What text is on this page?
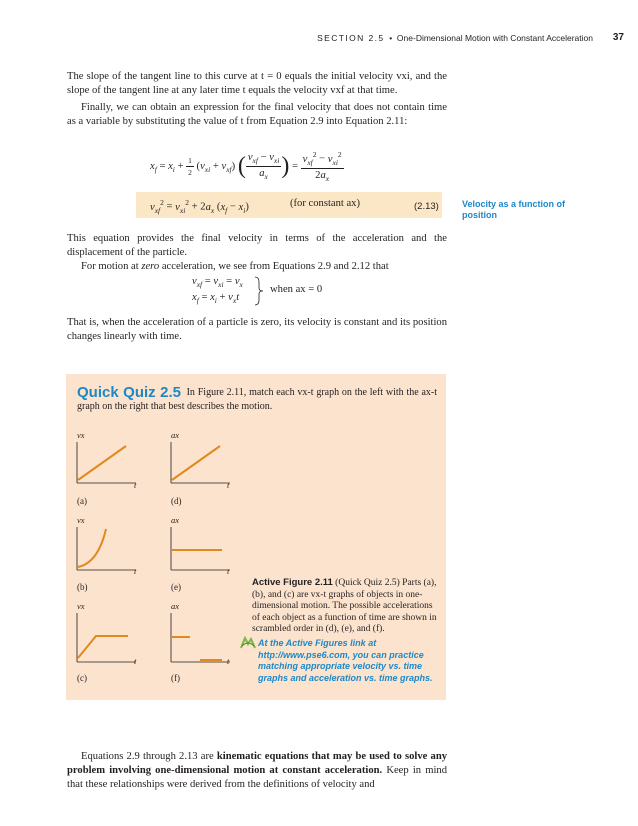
SECTION 2.5 • One-Dimensional Motion with Constant Acceleration 37

The slope of the tangent line to this curve at t = 0 equals the initial velocity vxi, and the slope of the tangent line at any later time t equals the velocity vxf at that time.

Finally, we can obtain an expression for the final velocity that does not contain time as a variable by substituting the value of t from Equation 2.9 into Equation 2.11:

$x_f = x_i + \frac{1}{2} (v_{xi} + v_{xf})$ ( $\frac{v_{xf} - v_{xi}}{a_x}$ ) = $\frac{v_{xf}^2 - v_{xi}^2}{2a_x}$
$v_{xf}^2 = v_{xi}^2 + 2a_x$ $(x_f - x_i)$	(for constant ax)	(2.13)	Velocity as a function of position

This equation provides the final velocity in terms of the acceleration and the displacement of the particle.

For motion at zero acceleration, we see from Equations 2.9 and 2.12 that

$v_{xf} = v_{xi} = v_x$
$x_f = x_i + v_xt$
when ax = 0

That is, when the acceleration of a particle is zero, its velocity is constant and its position changes linearly with time.

Quick Quiz 2.5 In Figure 2.11, match each vx-t graph on the left with the ax-t graph on the right that best describes the motion.
vx
t
(a)
ax
t
(d)
vx
t
(b)
ax
t
(e)
vx
t
(c)
ax
t
(f)
Active Figure 2.11 (Quick Quiz 2.5) Parts (a), (b), and (c) are vx-t graphs of objects in one-dimensional motion. The possible accelerations of each object as a function of time are shown in scrambled order in (d), (e), and (f).
At the Active Figures link at http://www.pse6.com, you can practice matching appropriate velocity vs. time graphs and acceleration vs. time graphs.

Equations 2.9 through 2.13 are kinematic equations that may be used to solve any problem involving one-dimensional motion at constant acceleration. Keep in mind that these relationships were derived from the definitions of velocity and
